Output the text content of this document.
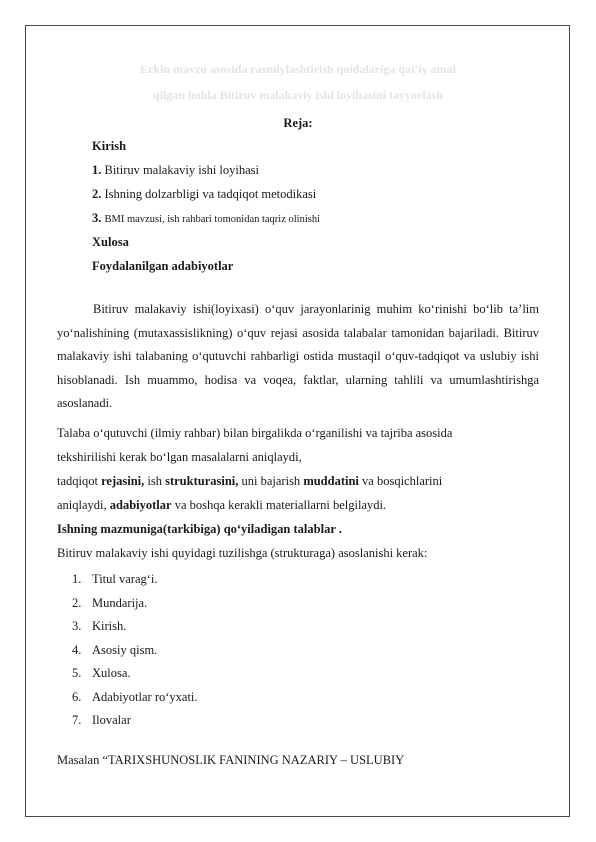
Erkin mavzu asosida rasmiylashtirish qoidalariga qat'iy amal
qilgan holda Bitiruv malakaviy ishi loyihasini tayyorlash
Reja:
Kirish
1. Bitiruv malakaviy ishi loyihasi
2. Ishning dolzarbligi va tadqiqot metodikasi
3. BMI mavzusi, ish rahbari tomonidan taqriz olinishi
Xulosa
Foydalanilgan adabiyotlar
Bitiruv malakaviy ishi(loyixasi) o‘quv jarayonlarinig muhim ko‘rinishi bo‘lib ta’lim yo‘nalishining (mutaxassislikning) o‘quv rejasi asosida talabalar tamonidan bajariladi. Bitiruv malakaviy ishi talabaning o‘qutuvchi rahbarligi ostida mustaqil o‘quv-tadqiqot va uslubiy ishi hisoblanadi. Ish muammo, hodisa va voqea, faktlar, ularning tahlili va umumlashtirishga asoslanadi.
Talaba o‘qutuvchi (ilmiy rahbar) bilan birgalikda o‘rganilishi va tajriba asosida
tekshirilishi kerak bo‘lgan masalalarni aniqlaydi,
tadqiqot rejasini, ish strukturasini, uni bajarish muddatini va bosqichlarini
aniqlaydi, adabiyotlar va boshqa kerakli materiallarni belgilaydi.
Ishning mazmuniga(tarkibiga) qo‘yiladigan talablar .
Bitiruv malakaviy ishi quyidagi tuzilishga (strukturaga) asoslanishi kerak:
1. Titul varag‘i.
2. Mundarija.
3. Kirish.
4. Asosiy qism.
5. Xulosa.
6. Adabiyotlar ro‘yxati.
7. Ilovalar
Masalan “TARIXSHUNOSLIK FANINING NAZARIY – USLUBIY
